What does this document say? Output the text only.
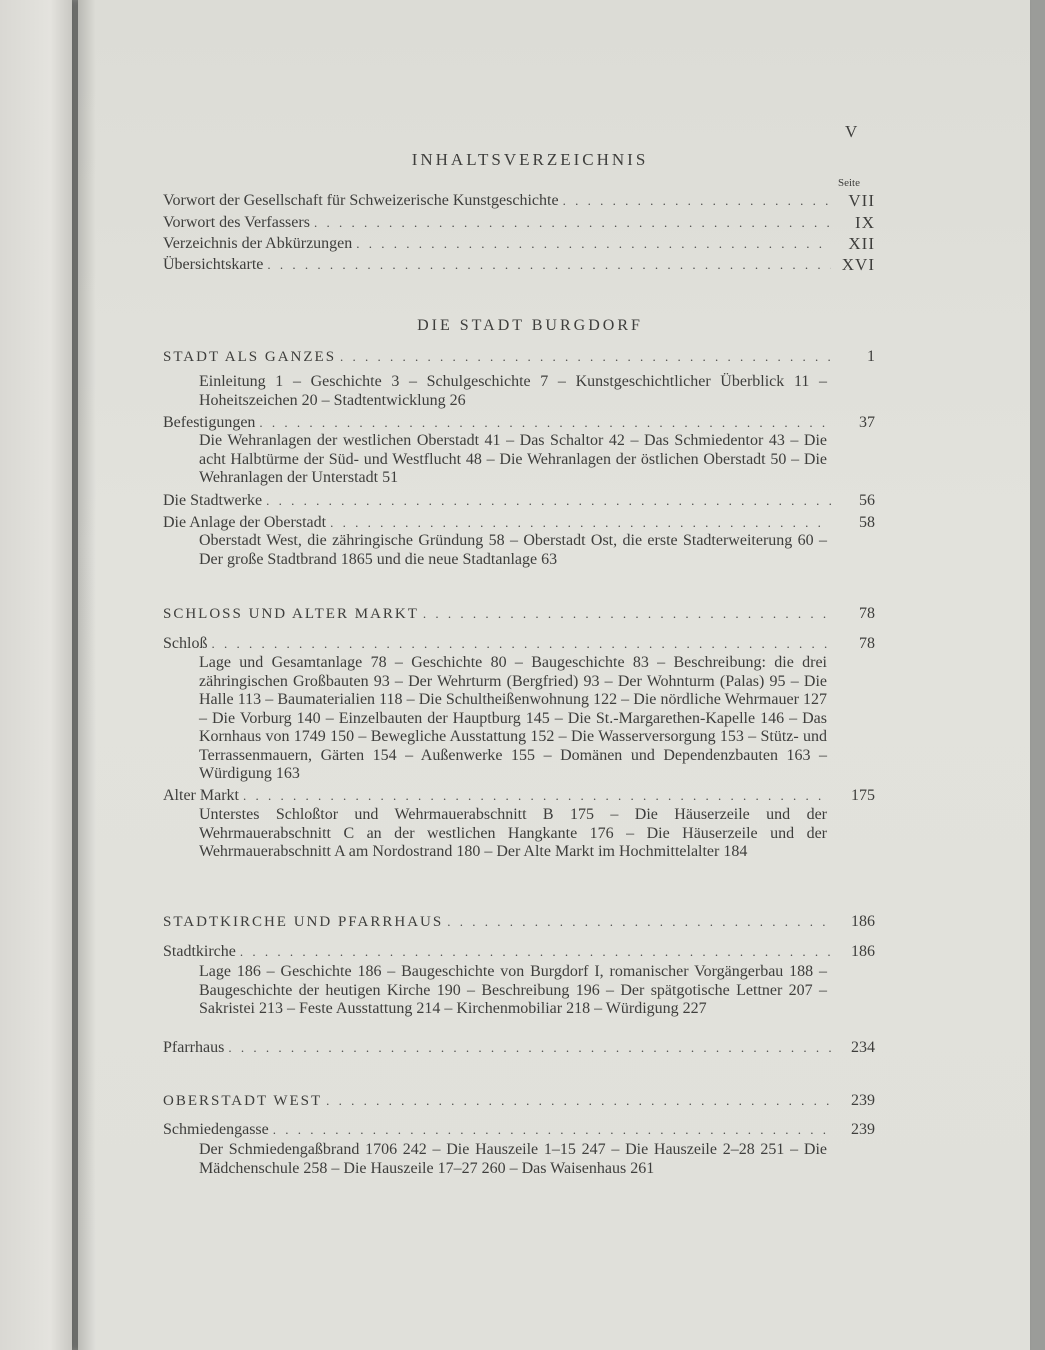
V
INHALTSVERZEICHNIS
Seite
Vorwort der Gesellschaft für Schweizerische Kunstgeschichte . . .	VII
Vorwort des Verfassers . . .	IX
Verzeichnis der Abkürzungen . . .	XII
Übersichtskarte . . .	XVI
DIE STADT BURGDORF
STADT ALS GANZES . . .	1
Einleitung 1 – Geschichte 3 – Schulgeschichte 7 – Kunstgeschichtlicher Überblick 11 – Hoheitszeichen 20 – Stadtentwicklung 26
Befestigungen . . .	37
Die Wehranlagen der westlichen Oberstadt 41 – Das Schaltor 42 – Das Schmiedentor 43 – Die acht Halbtürme der Süd- und Westflucht 48 – Die Wehranlagen der östlichen Oberstadt 50 – Die Wehranlagen der Unterstadt 51
Die Stadtwerke . . .	56
Die Anlage der Oberstadt . . .	58
Oberstadt West, die zähringische Gründung 58 – Oberstadt Ost, die erste Stadterweiterung 60 – Der große Stadtbrand 1865 und die neue Stadtanlage 63
SCHLOSS UND ALTER MARKT . . .	78
Schloß . . .	78
Lage und Gesamtanlage 78 – Geschichte 80 – Baugeschichte 83 – Beschreibung: die drei zähringischen Großbauten 93 – Der Wehrturm (Bergfried) 93 – Der Wohnturm (Palas) 95 – Die Halle 113 – Baumaterialien 118 – Die Schultheißenwohnung 122 – Die nördliche Wehrmauer 127 – Die Vorburg 140 – Einzelbauten der Hauptburg 145 – Die St.-Margarethen-Kapelle 146 – Das Kornhaus von 1749 150 – Bewegliche Ausstattung 152 – Die Wasserversorgung 153 – Stütz- und Terrassenmauern, Gärten 154 – Außenwerke 155 – Domänen und Dependenzbauten 163 – Würdigung 163
Alter Markt . . .	175
Unterstes Schloßtor und Wehrmauerabschnitt B 175 – Die Häuserzeile und der Wehrmauerabschnitt C an der westlichen Hangkante 176 – Die Häuserzeile und der Wehrmauerabschnitt A am Nordostrand 180 – Der Alte Markt im Hochmittelalter 184
STADTKIRCHE UND PFARRHAUS . . .	186
Stadtkirche . . .	186
Lage 186 – Geschichte 186 – Baugeschichte von Burgdorf I, romanischer Vorgängerbau 188 – Baugeschichte der heutigen Kirche 190 – Beschreibung 196 – Der spätgotische Lettner 207 – Sakristei 213 – Feste Ausstattung 214 – Kirchenmobiliar 218 – Würdigung 227
Pfarrhaus . . .	234
OBERSTADT WEST . . .	239
Schmiedengasse . . .	239
Der Schmiedengaßbrand 1706 242 – Die Hauszeile 1–15 247 – Die Hauszeile 2–28 251 – Die Mädchenschule 258 – Die Hauszeile 17–27 260 – Das Waisenhaus 261
